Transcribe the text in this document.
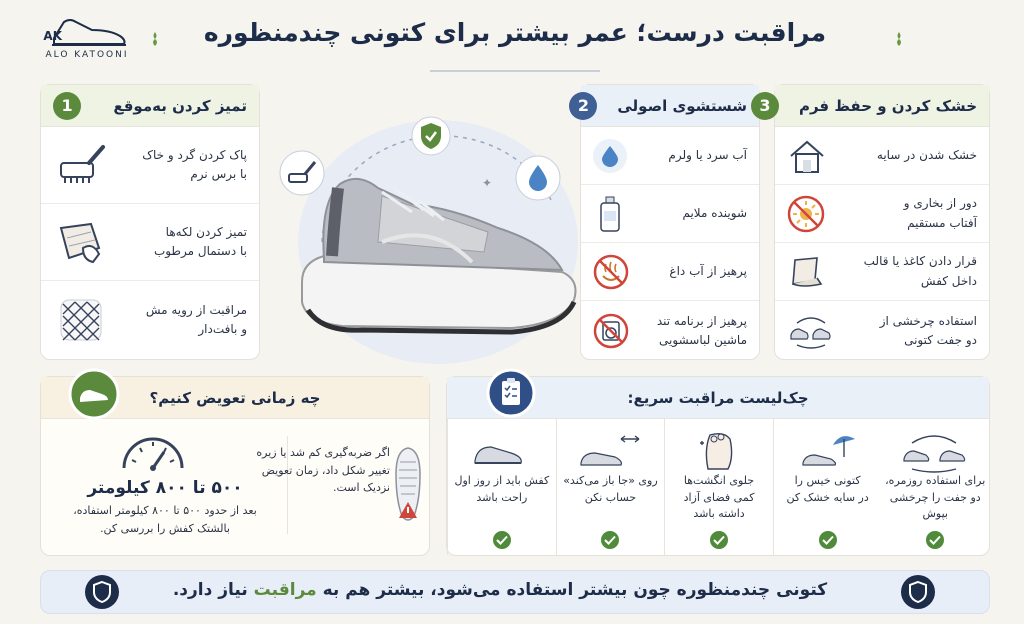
AK
ALO KATOONI
مراقبت درست؛ عمر بیشتر برای کتونی چندمنظوره
تمیز کردن به‌موقع
1
پاک کردن گرد و خاک
با برس نرم
تمیز کردن لکه‌ها
با دستمال مرطوب
مراقبت از رویه مش
و بافت‌دار
✦
شستشوی اصولی
2
آب سرد یا ولرم
شوینده ملایم
پرهیز از آب داغ
پرهیز از برنامه تند
ماشین لباسشویی
خشک کردن و حفظ فرم
3
خشک شدن در سایه
دور از بخاری و
آفتاب مستقیم
قرار دادن کاغذ یا قالب
داخل کفش
استفاده چرخشی از
دو جفت کتونی
چه زمانی تعویض کنیم؟
۵۰۰ تا ۸۰۰ کیلومتر
بعد از حدود ۵۰۰ تا ۸۰۰ کیلومتر استفاده،
بالشتک کفش را بررسی کن.
اگر ضربه‌گیری کم شد یا زیره
تغییر شکل داد، زمان تعویض
نزدیک است.
چک‌لیست مراقبت سریع:
برای استفاده روزمره،
دو جفت را چرخشی
بپوش
کتونی خیس را
در سایه خشک کن
جلوی انگشت‌ها
کمی فضای آزاد
داشته باشد
روی «جا باز می‌کند»
حساب نکن
کفش باید از روز اول
راحت باشد
کتونی چندمنظوره چون بیشتر استفاده می‌شود، بیشتر هم به مراقبت نیاز دارد.
